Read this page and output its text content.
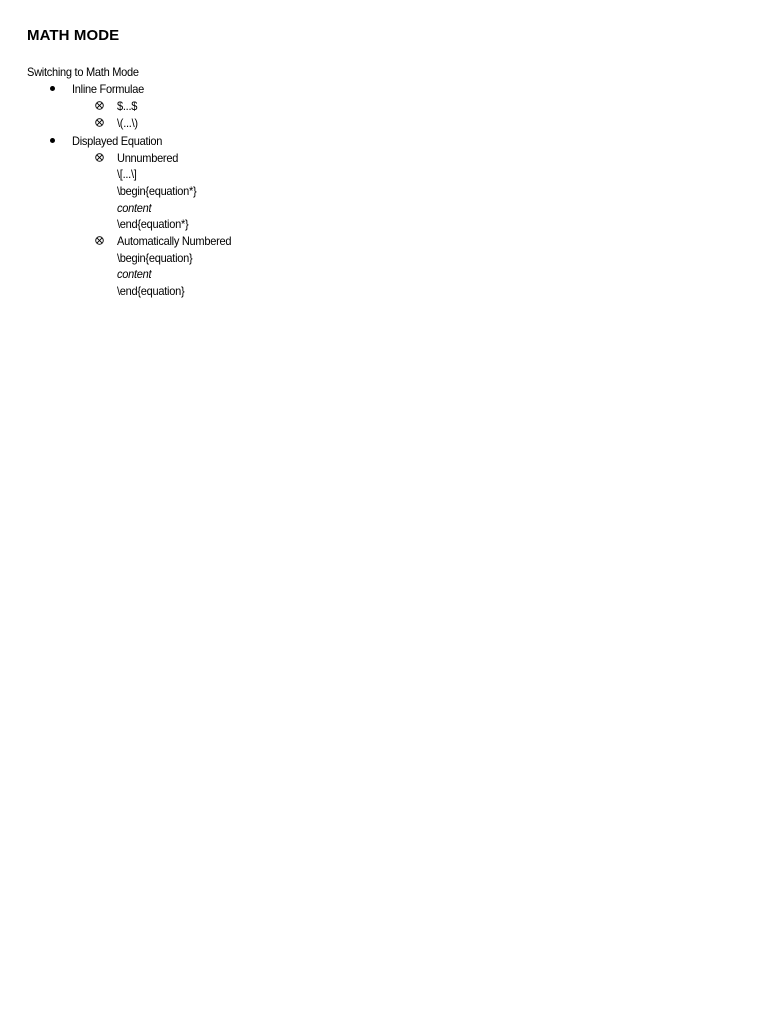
MATH MODE
Switching to Math Mode
Inline Formulae
$...$
\(...\)
Displayed Equation
Unnumbered
\[...\]
\begin{equation*}
content
\end{equation*}
Automatically Numbered
\begin{equation}
content
\end{equation}
